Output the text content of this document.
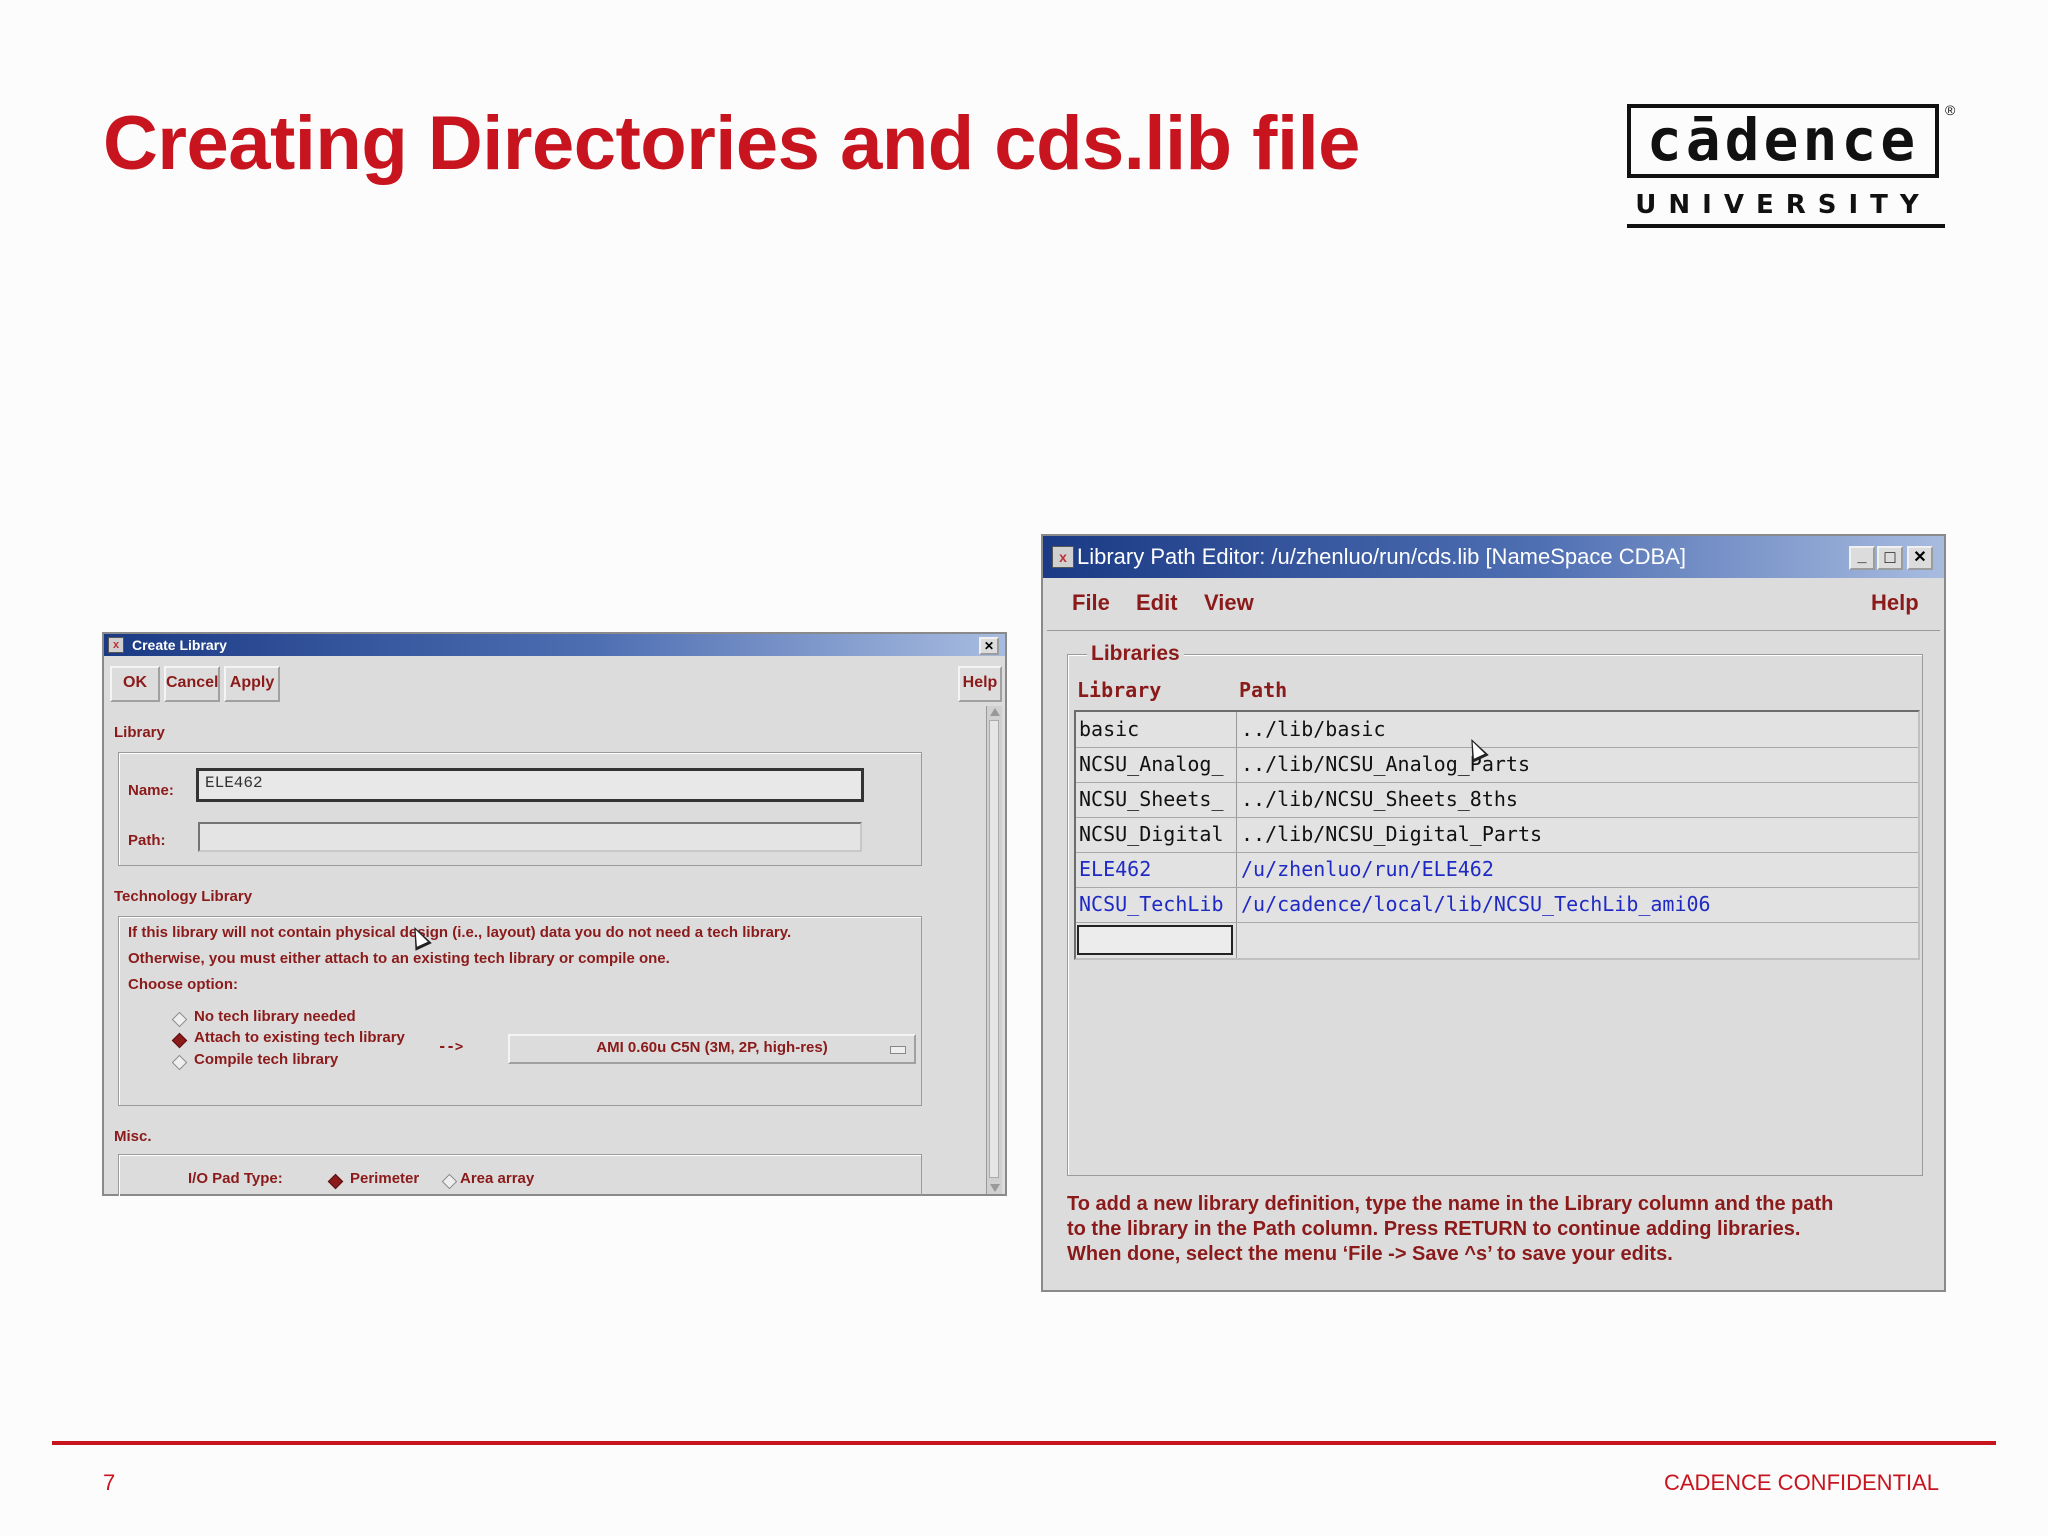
Creating Directories and cds.lib file	cādence	®
UNIVERSITY
x Create Library	✕
OK	Cancel Apply	Help
Library
Name:	ELE462
Path:
Technology Library
If this library will not contain physical design (i.e., layout) data you do not need a tech library.
Otherwise, you must either attach to an existing tech library or compile one.
Choose option:
No tech library needed
Attach to existing tech library
Compile tech library
-->	AMI 0.60u C5N (3M, 2P, high-res)
Misc.
I/O Pad Type:	Perimeter	Area array
x Library Path Editor: /u/zhenluo/run/cds.lib [NameSpace CDBA]	_	□	✕
File Edit View	Help
Libraries
Library	Path
basic	../lib/basic
NCSU_Analog_ ../lib/NCSU_Analog_Parts
NCSU_Sheets_ ../lib/NCSU_Sheets_8ths
NCSU_Digital ../lib/NCSU_Digital_Parts
ELE462	/u/zhenluo/run/ELE462
NCSU_TechLib /u/cadence/local/lib/NCSU_TechLib_ami06
To add a new library definition, type the name in the Library column and the path
to the library in the Path column. Press RETURN to continue adding libraries.
When done, select the menu ‘File -> Save ^s’ to save your edits.
7	CADENCE CONFIDENTIAL
